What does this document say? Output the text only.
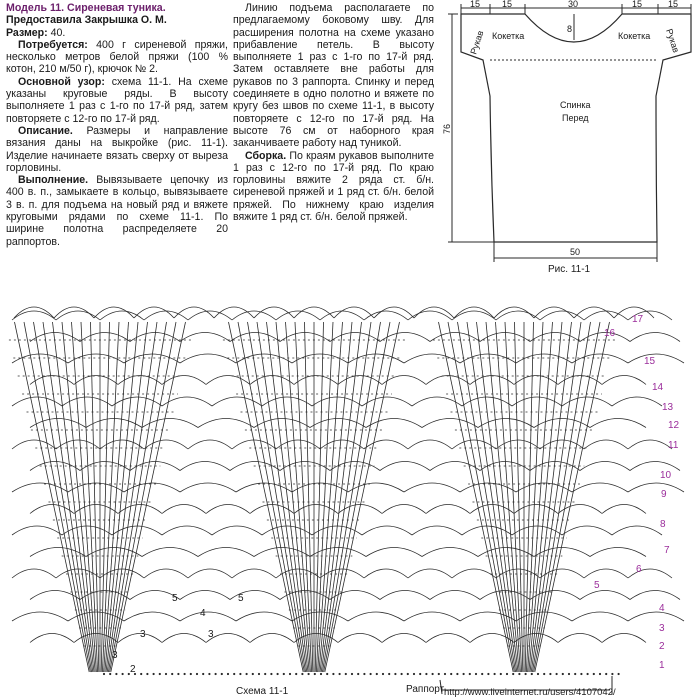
Модель 11. Сиреневая туника.

Предоставила Закрышка О. М.

Размер: 40.

Потребуется: 400 г сиреневой пряжи, несколько метров белой пряжи (100 % котон, 210 м/50 г), крючок № 2.

Основной узор: схема 11-1. На схеме указаны круговые ряды. В высоту выполняете 1 раз с 1-го по 17-й ряд, затем повторяете с 12-го по 17-й ряд.

Описание. Размеры и направление вязания даны на выкройке (рис. 11-1). Изделие начинаете вязать сверху от выреза горловины.

Выполнение. Вывязываете цепочку из 400 в. п., замыкаете в кольцо, вывязываете 3 в. п. для подъема на новый ряд и вяжете круговыми рядами по схеме 11-1. По ширине полотна распределяете 20 раппортов.

Линию подъема располагаете по предлагаемому боковому шву. Для расширения полотна на схеме указано прибавление петель. В высоту выполняете 1 раз с 1-го по 17-й ряд. Затем оставляете вне работы для рукавов по 3 раппорта. Спинку и перед соединяете в одно полотно и вяжете по кругу без швов по схеме 11-1, в высоту повторяете с 12-го по 17-й ряд. На высоте 76 см от наборного края заканчиваете работу над туникой.

Сборка. По краям рукавов выполните 1 раз с 12-го по 17-й ряд. По краю горловины вяжите 2 ряда ст. б/н. сиреневой пряжей и 1 ряд ст. б/н. белой пряжей. По нижнему краю изделия вяжите 1 ряд ст. б/н. белой пряжей.

15 15	30	15	15
8
Кокетка	Кокетка
Рукав	Рукав
Спинка
Перед
76
50
Рис. 11-1
5	5
4
3	3
3
2
17
16
15
14
13
12
11
10
9
8
7
6
5
4
3
2
1
Схема 11-1	Раппорт http://www.liveinternet.ru/users/4107042/
